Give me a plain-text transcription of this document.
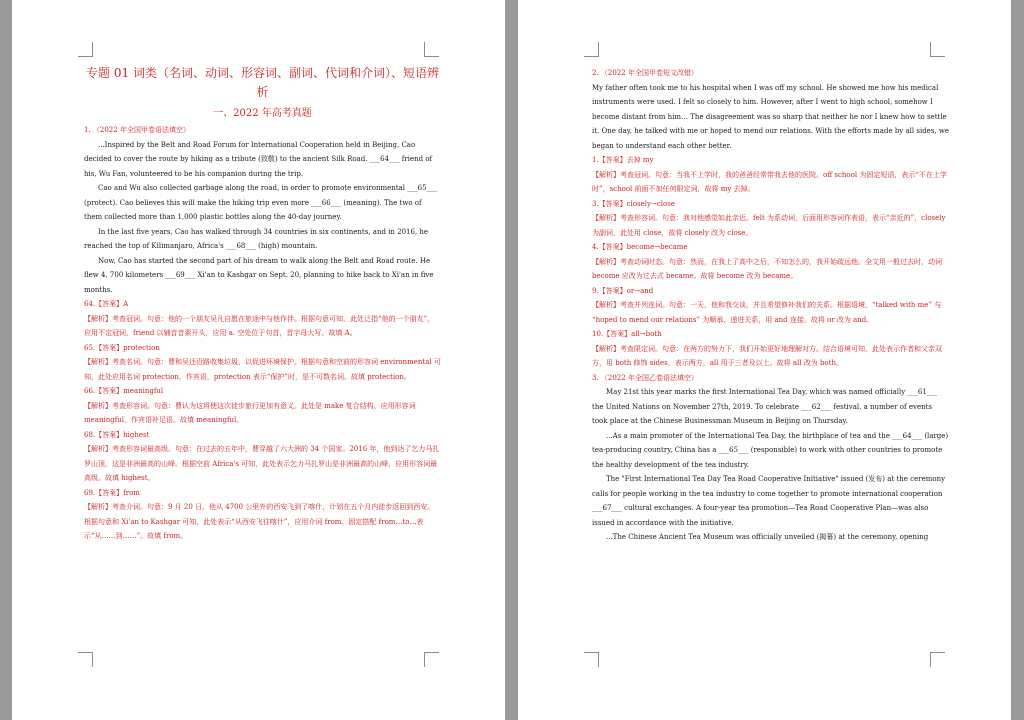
专题 01 词类（名词、动词、形容词、副词、代词和介词）、短语辨析
一、2022 年高考真题

1. （2022 年全国甲卷语法填空）

...Inspired by the Belt and Road Forum for International Cooperation held in Beijing, Cao decided to cover the route by hiking as a tribute (致敬) to the ancient Silk Road. ___64___ friend of his, Wu Fan, volunteered to be his companion during the trip.

Cao and Wu also collected garbage along the road, in order to promote environmental ___65___ (protect). Cao believes this will make the hiking trip even more ___66___ (meaning). The two of them collected more than 1,000 plastic bottles along the 40-day journey.

In the last five years, Cao has walked through 34 countries in six continents, and in 2016, he reached the top of Kilimanjaro, Africa's ___68___ (high) mountain.

Now, Cao has started the second part of his dream to walk along the Belt and Road route. He flew 4, 700 kilometers ___69___ Xi'an to Kashgar on Sept. 20, planning to hike back to Xi'an in five months.

64.【答案】A

【解析】考查冠词。句意：他的一个朋友吴凡自愿在旅途中与他作伴。根据句意可知，此处泛指“他的一个朋友”，应用不定冠词，friend 以辅音音素开头，应用 a. 空处位于句首，首字母大写。故填 A。

65.【答案】protection

【解析】考查名词。句意：曹和吴还沿路收集垃圾，以促进环境保护。根据句意和空前的形容词 environmental 可知，此处应用名词 protection，作宾语，protection 表示“保护”时，是不可数名词。故填 protection。

66.【答案】meaningful

【解析】考查形容词。句意：曹认为这将使这次徒步旅行更加有意义。此处是 make 复合结构，应用形容词 meaningful，作宾语补足语。故填 meaningful。

68.【答案】highest

【解析】考查形容词最高级。句意：在过去的五年中，曹穿越了六大洲的 34 个国家。2016 年，他到达了乞力马扎罗山顶，这是非洲最高的山峰。根据空前 Africa's 可知，此处表示乞力马扎罗山是非洲最高的山峰，应用形容词最高级。故填 highest。

69.【答案】from

【解析】考查介词。句意：9 月 20 日，他从 4700 公里外的西安飞到了喀什，计划在五个月内徒步返回到西安。根据句意和 Xi'an to Kashgar 可知，此处表示“从西安飞往喀什”，应用介词 from。固定搭配 from…to…表示“从……到……”。故填 from。

2. （2022 年全国甲卷短文改错）

My father often took me to his hospital when I was off my school. He showed me how his medical instruments were used. I felt so closely to him. However, after I went to high school, somehow I become distant from him… The disagreement was so sharp that neither he nor I knew how to settle it. One day, he talked with me or hoped to mend our relations. With the efforts made by all sides, we began to understand each other better.

1.【答案】去掉 my

【解析】考查冠词。句意：当我不上学时，我的爸爸经常带我去他的医院。off school 为固定短语，表示“不在上学时”，school 前面不加任何限定词，故将 my 去掉。

3.【答案】closely→close

【解析】考查形容词。句意：我对他感觉如此亲近。felt 为系动词，后面用形容词作表语，表示“亲近的”，closely 为副词，此处用 close，故将 closely 改为 close。

4.【答案】become→became

【解析】考查动词时态。句意：然而，在我上了高中之后，不知怎么的，我开始疏远他。全文用一般过去时，动词 become 应改为过去式 became。故将 become 改为 became。

9.【答案】or→and

【解析】考查并列连词。句意：一天，他和我交谈，并且希望修补我们的关系。根据语境，“talked with me” 与 “hoped to mend our relations” 为顺承、递进关系，用 and 连接。故将 or 改为 and。

10.【答案】all→both

【解析】考查限定词。句意：在两方的努力下，我们开始更好地理解对方。结合语境可知，此处表示作者和父亲双方，用 both 修饰 sides，表示两方，all 用于三者及以上。故将 all 改为 both。

3. （2022 年全国乙卷语法填空）

May 21st this year marks the first International Tea Day, which was named officially ___61___ the United Nations on November 27th, 2019. To celebrate ___62___ festival, a number of events took place at the Chinese Businessman Museum in Beijing on Thursday.

...As a main promoter of the International Tea Day, the birthplace of tea and the ___64___ (large) tea-producing country, China has a ___65___ (responsible) to work with other countries to promote the healthy development of the tea industry.

The "First International Tea Day Tea Road Cooperative Initiative" issued (发布) at the ceremony calls for people working in the tea industry to come together to promote international cooperation ___67___ cultural exchanges. A four-year tea promotion—Tea Road Cooperative Plan—was also issued in accordance with the initiative.

...The Chinese Ancient Tea Museum was officially unveiled (揭幕) at the ceremony, opening
